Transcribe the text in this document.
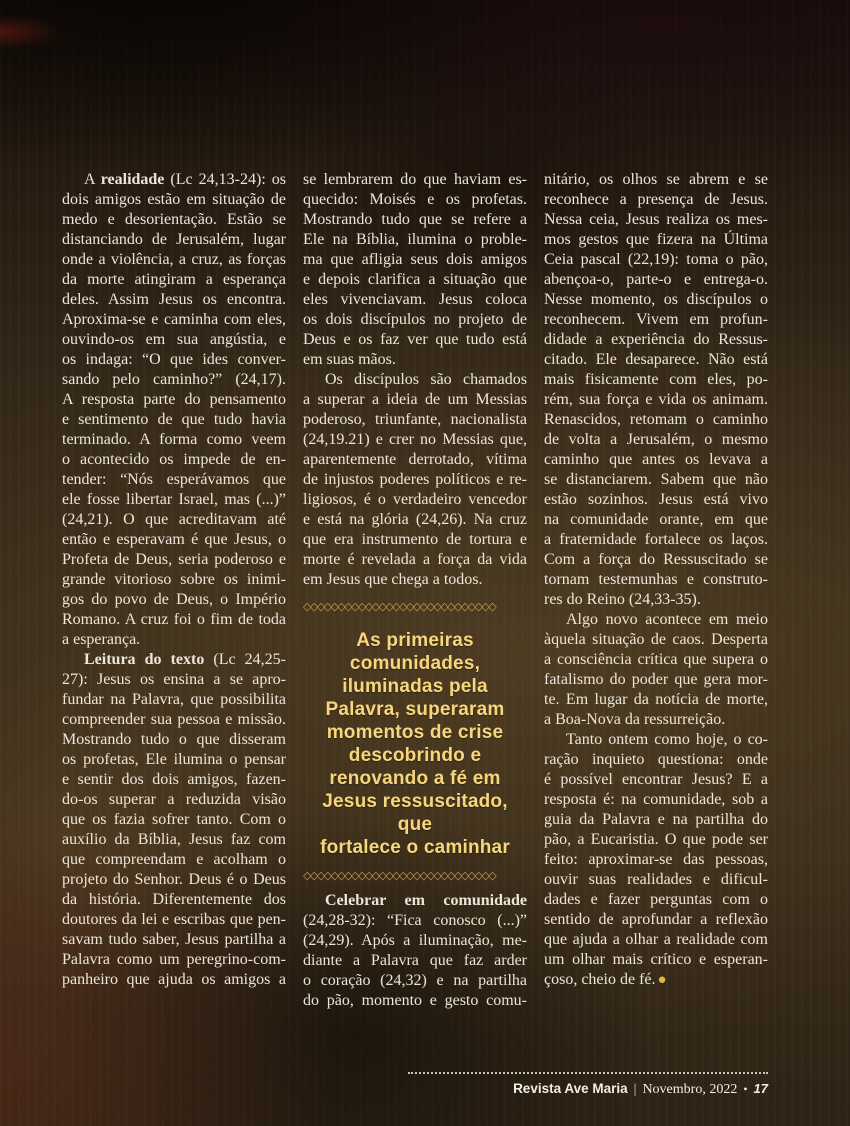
A realidade (Lc 24,13-24): os
dois amigos estão em situação de
medo e desorientação. Estão se
distanciando de Jerusalém, lugar
onde a violência, a cruz, as forças
da morte atingiram a esperança
deles. Assim Jesus os encontra.
Aproxima-se e caminha com eles,
ouvindo-os em sua angústia, e
os indaga: “O que ides conver-
sando pelo caminho?” (24,17).
A resposta parte do pensamento
e sentimento de que tudo havia
terminado. A forma como veem
o acontecido os impede de en-
tender: “Nós esperávamos que
ele fosse libertar Israel, mas (...)”
(24,21). O que acreditavam até
então e esperavam é que Jesus, o
Profeta de Deus, seria poderoso e
grande vitorioso sobre os inimi-
gos do povo de Deus, o Império
Romano. A cruz foi o fim de toda
a esperança.
Leitura do texto (Lc 24,25-
27): Jesus os ensina a se apro-
fundar na Palavra, que possibilita
compreender sua pessoa e missão.
Mostrando tudo o que disseram
os profetas, Ele ilumina o pensar
e sentir dos dois amigos, fazen-
do-os superar a reduzida visão
que os fazia sofrer tanto. Com o
auxílio da Bíblia, Jesus faz com
que compreendam e acolham o
projeto do Senhor. Deus é o Deus
da história. Diferentemente dos
doutores da lei e escribas que pen-
savam tudo saber, Jesus partilha a
Palavra como um peregrino-com-
panheiro que ajuda os amigos a
se lembrarem do que haviam es-
quecido: Moisés e os profetas.
Mostrando tudo que se refere a
Ele na Bíblia, ilumina o proble-
ma que afligia seus dois amigos
e depois clarifica a situação que
eles vivenciavam. Jesus coloca
os dois discípulos no projeto de
Deus e os faz ver que tudo está
em suas mãos.
Os discípulos são chamados
a superar a ideia de um Messias
poderoso, triunfante, nacionalista
(24,19.21) e crer no Messias que,
aparentemente derrotado, vítima
de injustos poderes políticos e re-
ligiosos, é o verdadeiro vencedor
e está na glória (24,26). Na cruz
que era instrumento de tortura e
morte é revelada a força da vida
em Jesus que chega a todos.
◇◇◇◇◇◇◇◇◇◇◇◇◇◇◇◇◇◇◇◇◇◇◇◇◇◇◇◇
As primeiras
comunidades,
iluminadas pela
Palavra, superaram
momentos de crise
descobrindo e
renovando a fé em
Jesus ressuscitado, que
fortalece o caminhar
◇◇◇◇◇◇◇◇◇◇◇◇◇◇◇◇◇◇◇◇◇◇◇◇◇◇◇◇
Celebrar em comunidade
(24,28-32): “Fica conosco (...)”
(24,29). Após a iluminação, me-
diante a Palavra que faz arder
o coração (24,32) e na partilha
do pão, momento e gesto comu-
nitário, os olhos se abrem e se
reconhece a presença de Jesus.
Nessa ceia, Jesus realiza os mes-
mos gestos que fizera na Última
Ceia pascal (22,19): toma o pão,
abençoa-o, parte-o e entrega-o.
Nesse momento, os discípulos o
reconhecem. Vivem em profun-
didade a experiência do Ressus-
citado. Ele desaparece. Não está
mais fisicamente com eles, po-
rém, sua força e vida os animam.
Renascidos, retomam o caminho
de volta a Jerusalém, o mesmo
caminho que antes os levava a
se distanciarem. Sabem que não
estão sozinhos. Jesus está vivo
na comunidade orante, em que
a fraternidade fortalece os laços.
Com a força do Ressuscitado se
tornam testemunhas e construto-
res do Reino (24,33-35).
Algo novo acontece em meio
àquela situação de caos. Desperta
a consciência crítica que supera o
fatalismo do poder que gera mor-
te. Em lugar da notícia de morte,
a Boa-Nova da ressurreição.
Tanto ontem como hoje, o co-
ração inquieto questiona: onde
é possível encontrar Jesus? E a
resposta é: na comunidade, sob a
guia da Palavra e na partilha do
pão, a Eucaristia. O que pode ser
feito: aproximar-se das pessoas,
ouvir suas realidades e dificul-
dades e fazer perguntas com o
sentido de aprofundar a reflexão
que ajuda a olhar a realidade com
um olhar mais crítico e esperan-
çoso, cheio de fé. ●
Revista Ave Maria | Novembro, 2022 • 17
